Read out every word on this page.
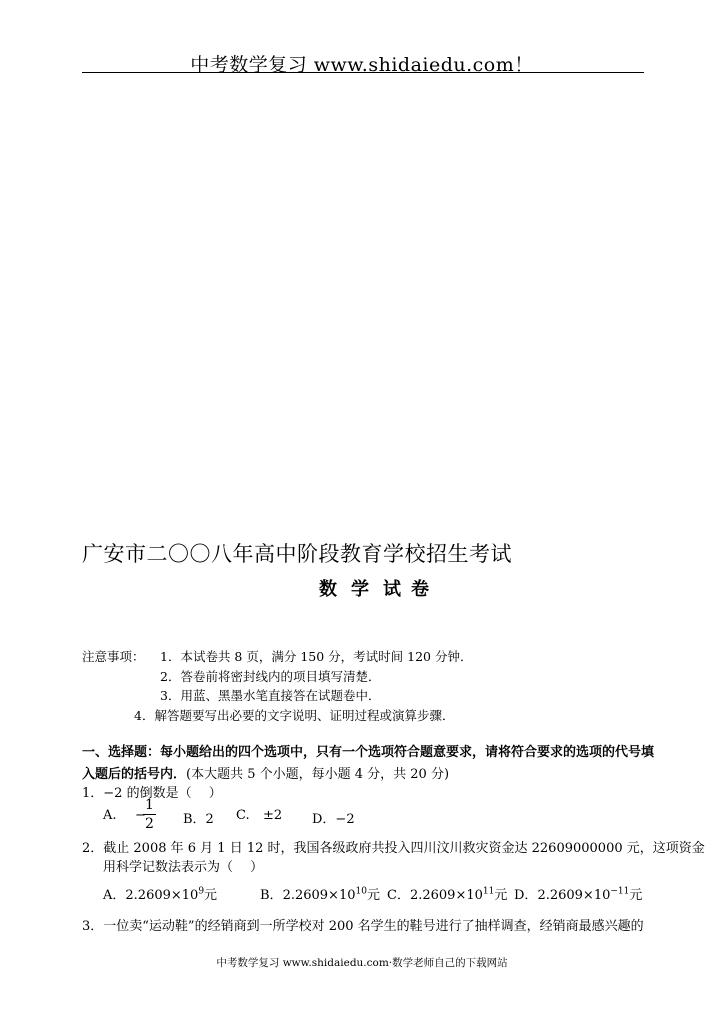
中考数学复习 www.shidaiedu.com！
广安市二〇〇八年高中阶段教育学校招生考试
数 学 试 卷
注意事项： 1．本试卷共 8 页，满分 150 分，考试时间 120 分钟．
2．答卷前将密封线内的项目填写清楚．
3．用蓝、黑墨水笔直接答在试题卷中．
4．解答题要写出必要的文字说明、证明过程或演算步骤．
一、选择题：每小题给出的四个选项中，只有一个选项符合题意要求，请将符合要求的选项的代号填
入题后的括号内．(本大题共 5 个小题，每小题 4 分，共 20 分)
1．−2 的倒数是（　 ）
A. −
$\frac{1}{2}$ B．2 C. ±2 D．−2
2．截止 2008 年 6 月 1 日 12 时，我国各级政府共投入四川汶川救灾资金达 22609000000 元，这项资金
用科学记数法表示为（　 ）
A．$2.2609\times 10^9$元	B．$2.2609\times 10^{10}$元 C．$2.2609\times 10^{11}$元 D．$2.2609\times 10^{-11}$元
3．一位卖“运动鞋”的经销商到一所学校对 200 名学生的鞋号进行了抽样调查，经销商最感兴趣的
中考数学复习 www.shidaiedu.com·数学老师自己的下载网站
